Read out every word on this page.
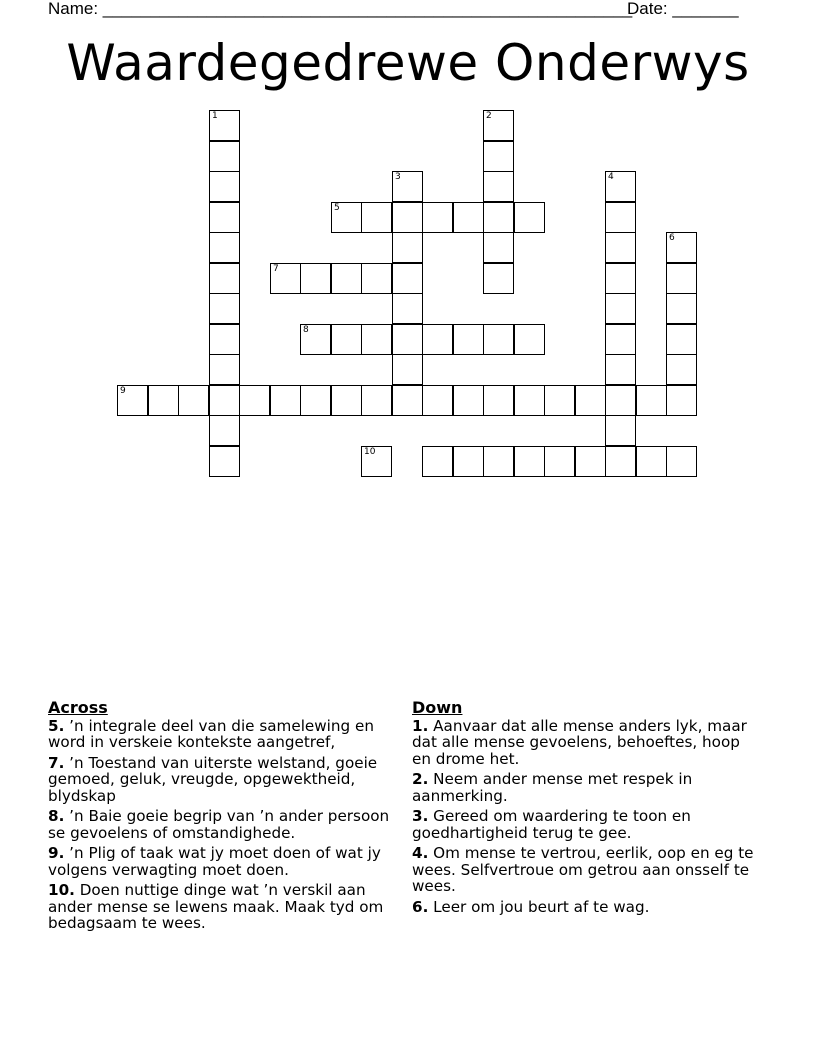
Name: ________________________________________________________
Date: _______
Waardegedrewe Onderwys
1	2
3	4
5
6
7
8
9
10
Across
5. ’n integrale deel van die samelewing en word in verskeie kontekste aangetref,
7. ’n Toestand van uiterste welstand, goeie gemoed, geluk, vreugde, opgewektheid, blydskap
8. ’n Baie goeie begrip van ’n ander persoon se gevoelens of omstandighede.
9. ’n Plig of taak wat jy moet doen of wat jy volgens verwagting moet doen.
10. Doen nuttige dinge wat ’n verskil aan ander mense se lewens maak. Maak tyd om bedagsaam te wees.
Down
1. Aanvaar dat alle mense anders lyk, maar dat alle mense gevoelens, behoeftes, hoop en drome het.
2. Neem ander mense met respek in aanmerking.
3. Gereed om waardering te toon en goedhartigheid terug te gee.
4. Om mense te vertrou, eerlik, oop en eg te wees. Selfvertroue om getrou aan onsself te wees.
6. Leer om jou beurt af te wag.
